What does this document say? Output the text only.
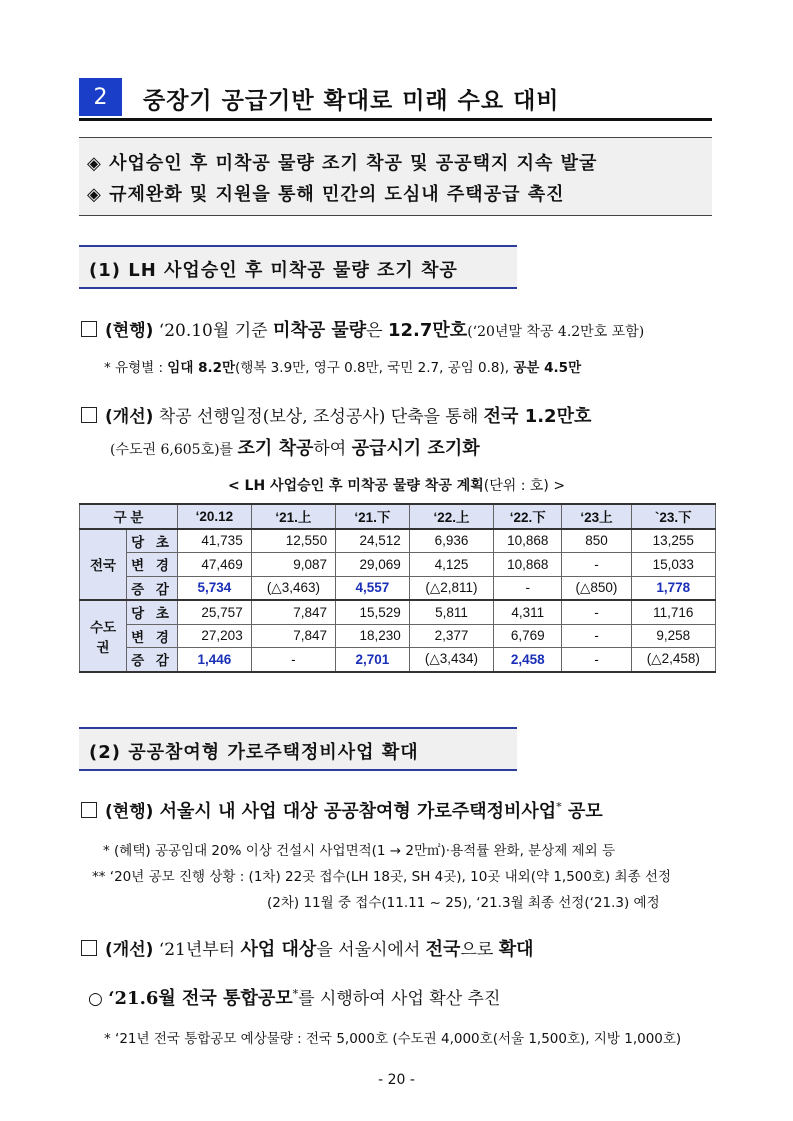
2	중장기 공급기반 확대로 미래 수요 대비
◈ 사업승인 후 미착공 물량 조기 착공 및 공공택지 지속 발굴
◈ 규제완화 및 지원을 통해 민간의 도심내 주택공급 촉진
(1) LH 사업승인 후 미착공 물량 조기 착공
(현행) ‘20.10월 기준 미착공 물량은 12.7만호(‘20년말 착공 4.2만호 포함)
* 유형별 : 임대 8.2만(행복 3.9만, 영구 0.8만, 국민 2.7, 공임 0.8), 공분 4.5만
(개선) 착공 선행일정(보상, 조성공사) 단축을 통해 전국 1.2만호
(수도권 6,605호)를 조기 착공하여 공급시기 조기화
< LH 사업승인 후 미착공 물량 착공 계획(단위 : 호) >
구 분		‘20.12	‘21.上	‘21.下	‘22.上	‘22.下	‘23上	`23.下
전국	당 초	41,735	12,550	24,512	6,936	10,868	850	13,255
	변 경	47,469	9,087	29,069	4,125	10,868	-	15,033
	증 감	5,734	(△3,463)	4,557	(△2,811)	-	(△850)	1,778
수도권	당 초	25,757	7,847	15,529	5,811	4,311	-	11,716
	변 경	27,203	7,847	18,230	2,377	6,769	-	9,258
	증 감	1,446	-	2,701	(△3,434)	2,458	-	(△2,458)
(2) 공공참여형 가로주택정비사업 확대
(현행) 서울시 내 사업 대상 공공참여형 가로주택정비사업* 공모
* (혜택) 공공임대 20% 이상 건설시 사업면적(1 → 2만㎡)·용적률 완화, 분상제 제외 등
** ‘20년 공모 진행 상황 : (1차) 22곳 접수(LH 18곳, SH 4곳), 10곳 내외(약 1,500호) 최종 선정
(2차) 11월 중 접수(11.11 ~ 25), ‘21.3월 최종 선정(‘21.3) 예정
(개선) ‘21년부터 사업 대상을 서울시에서 전국으로 확대
○ ‘21.6월 전국 통합공모*를 시행하여 사업 확산 추진
* ‘21년 전국 통합공모 예상물량 : 전국 5,000호 (수도권 4,000호(서울 1,500호), 지방 1,000호)
- 20 -
